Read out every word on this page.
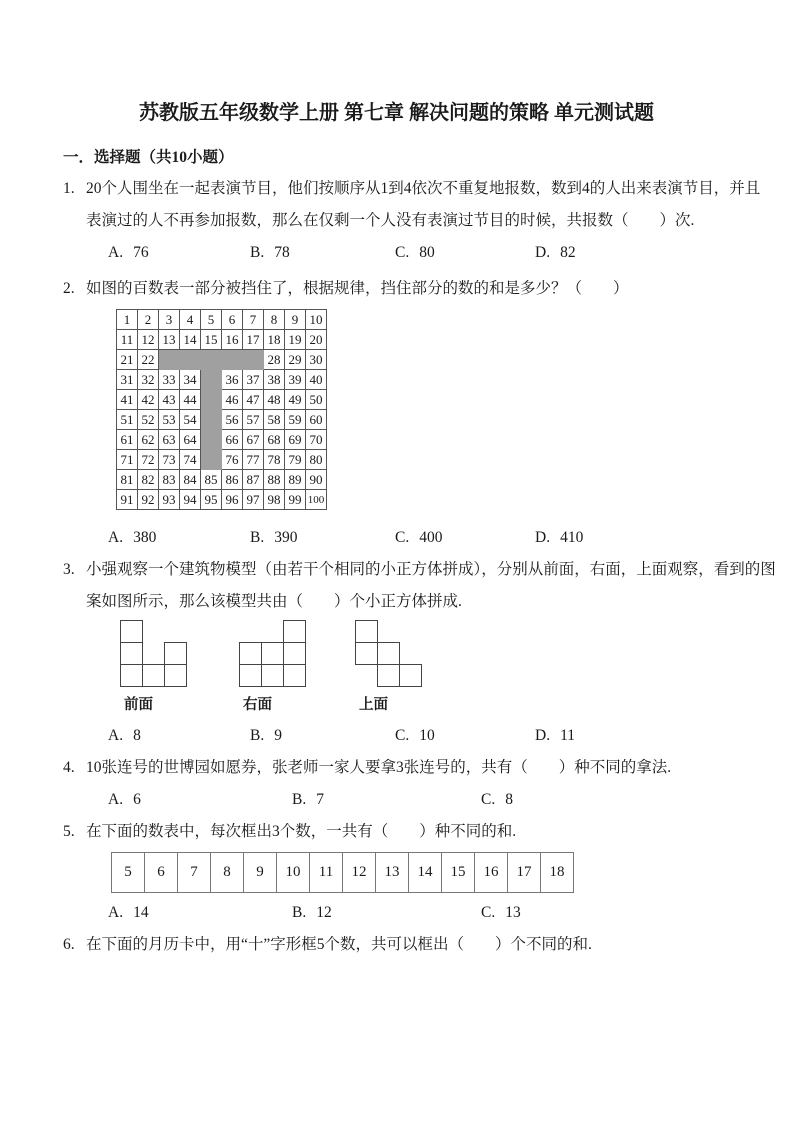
苏教版五年级数学上册 第七章 解决问题的策略 单元测试题
一．选择题（共10小题）
1. 20个人围坐在一起表演节目，他们按顺序从1到4依次不重复地报数，数到4的人出来表演节目，并且
表演过的人不再参加报数，那么在仅剩一个人没有表演过节目的时候，共报数（　　）次.
A. 76	B. 78	C. 80	D. 82
2. 如图的百数表一部分被挡住了，根据规律，挡住部分的数的和是多少？（　　）
1	2	3	4	5	6	7	8	9	10
11	12	13	14	15	16	17	18	19	20
21	22						28	29	30
31	32	33	34		36	37	38	39	40
41	42	43	44		46	47	48	49	50
51	52	53	54		56	57	58	59	60
61	62	63	64		66	67	68	69	70
71	72	73	74		76	77	78	79	80
81	82	83	84	85	86	87	88	89	90
91	92	93	94	95	96	97	98	99	100
A. 380	B. 390	C. 400	D. 410
3. 小强观察一个建筑物模型（由若干个相同的小正方体拼成），分别从前面，右面，上面观察，看到的图
案如图所示，那么该模型共由（　　）个小正方体拼成.
前面	右面	上面
A. 8	B. 9	C. 10	D. 11
4. 10张连号的世博园如愿券，张老师一家人要拿3张连号的，共有（　　）种不同的拿法.
A. 6	B. 7	C. 8
5. 在下面的数表中，每次框出3个数，一共有（　　）种不同的和.
5	6	7	8	9	10	11	12	13	14	15	16	17	18
A. 14	B. 12	C. 13
6. 在下面的月历卡中，用“十”字形框5个数，共可以框出（　　）个不同的和.
